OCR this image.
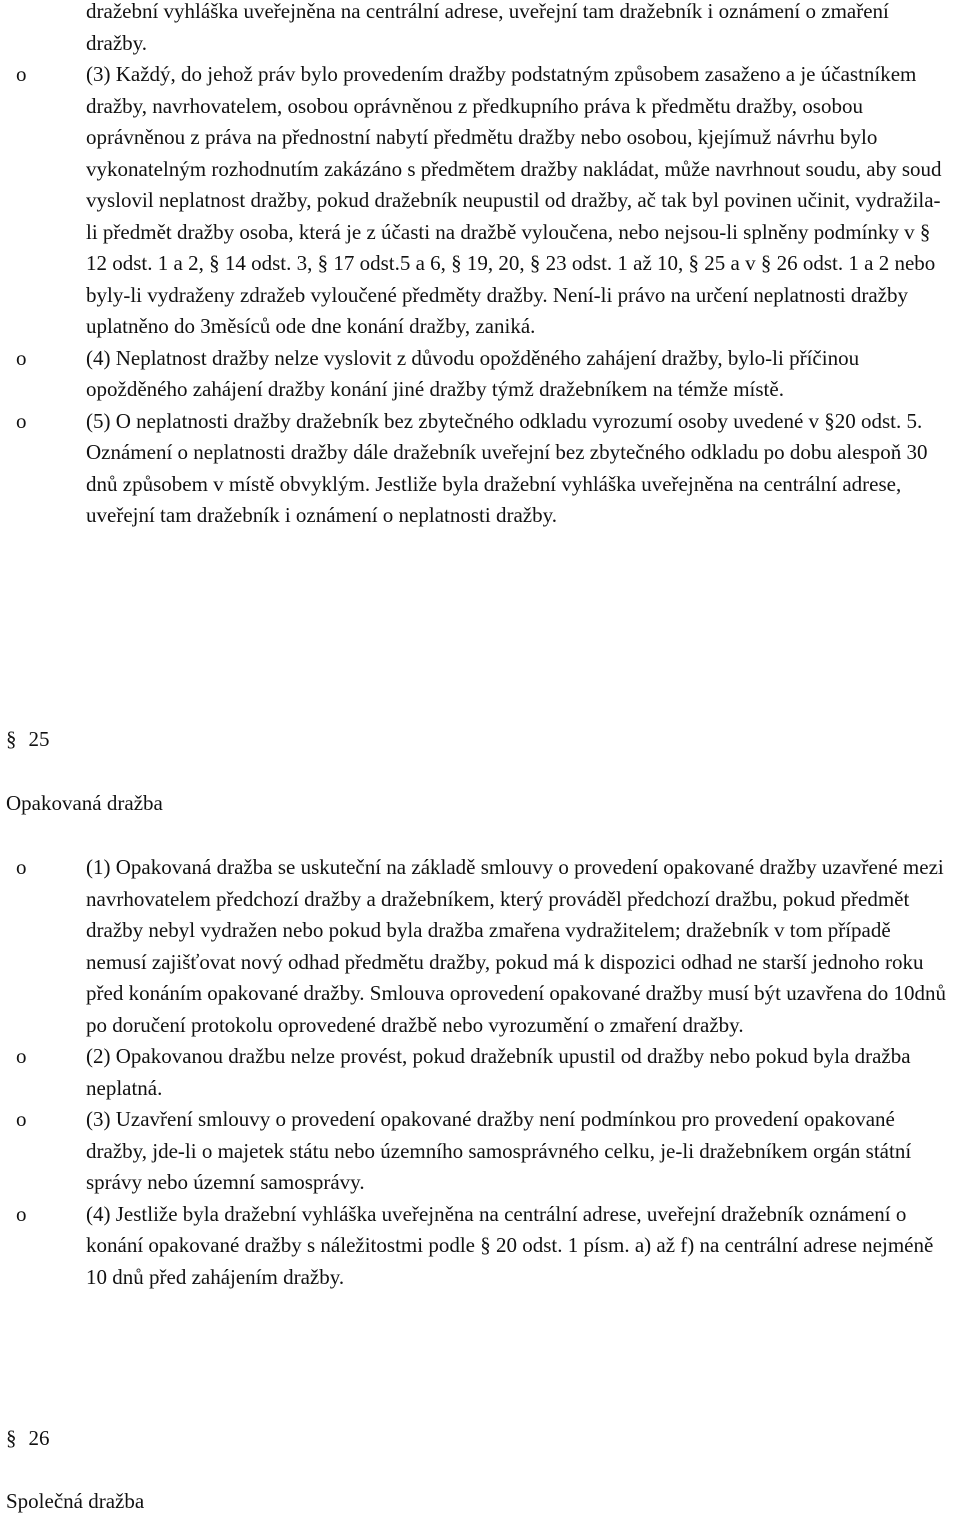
dražební vyhláška uveřejněna na centrální adrese, uveřejní tam dražebník i oznámení o zmaření dražby.
o	(3) Každý, do jehož práv bylo provedením dražby podstatným způsobem zasaženo a je účastníkem dražby, navrhovatelem, osobou oprávněnou z předkupního práva k předmětu dražby, osobou oprávněnou z práva na přednostní nabytí předmětu dražby nebo osobou, kjejímuž návrhu bylo vykonatelným rozhodnutím zakázáno s předmětem dražby nakládat, může navrhnout soudu, aby soud vyslovil neplatnost dražby, pokud dražebník neupustil od dražby, ač tak byl povinen učinit, vydražila-li předmět dražby osoba, která je z účasti na dražbě vyloučena, nebo nejsou-li splněny podmínky v § 12 odst. 1 a 2, § 14 odst. 3, § 17 odst.5 a 6, § 19, 20, § 23 odst. 1 až 10, § 25 a v § 26 odst. 1 a 2 nebo byly-li vydraženy zdražeb vyloučené předměty dražby. Není-li právo na určení neplatnosti dražby uplatněno do 3měsíců ode dne konání dražby, zaniká.
o	(4) Neplatnost dražby nelze vyslovit z důvodu opožděného zahájení dražby, bylo-li příčinou opožděného zahájení dražby konání jiné dražby týmž dražebníkem na témže místě.
o	(5) O neplatnosti dražby dražebník bez zbytečného odkladu vyrozumí osoby uvedené v §20 odst. 5. Oznámení o neplatnosti dražby dále dražebník uveřejní bez zbytečného odkladu po dobu alespoň 30 dnů způsobem v místě obvyklým. Jestliže byla dražební vyhláška uveřejněna na centrální adrese, uveřejní tam dražebník i oznámení o neplatnosti dražby.
§ 25
Opakovaná dražba
o	(1) Opakovaná dražba se uskuteční na základě smlouvy o provedení opakované dražby uzavřené mezi navrhovatelem předchozí dražby a dražebníkem, který prováděl předchozí dražbu, pokud předmět dražby nebyl vydražen nebo pokud byla dražba zmařena vydražitelem; dražebník v tom případě nemusí zajišťovat nový odhad předmětu dražby, pokud má k dispozici odhad ne starší jednoho roku před konáním opakované dražby. Smlouva oprovedení opakované dražby musí být uzavřena do 10dnů po doručení protokolu oprovedené dražbě nebo vyrozumění o zmaření dražby.
o	(2) Opakovanou dražbu nelze provést, pokud dražebník upustil od dražby nebo pokud byla dražba neplatná.
o	(3) Uzavření smlouvy o provedení opakované dražby není podmínkou pro provedení opakované dražby, jde-li o majetek státu nebo územního samosprávného celku, je-li dražebníkem orgán státní správy nebo územní samosprávy.
o	(4) Jestliže byla dražební vyhláška uveřejněna na centrální adrese, uveřejní dražebník oznámení o konání opakované dražby s náležitostmi podle § 20 odst. 1 písm. a) až f) na centrální adrese nejméně 10 dnů před zahájením dražby.
§ 26
Společná dražba
